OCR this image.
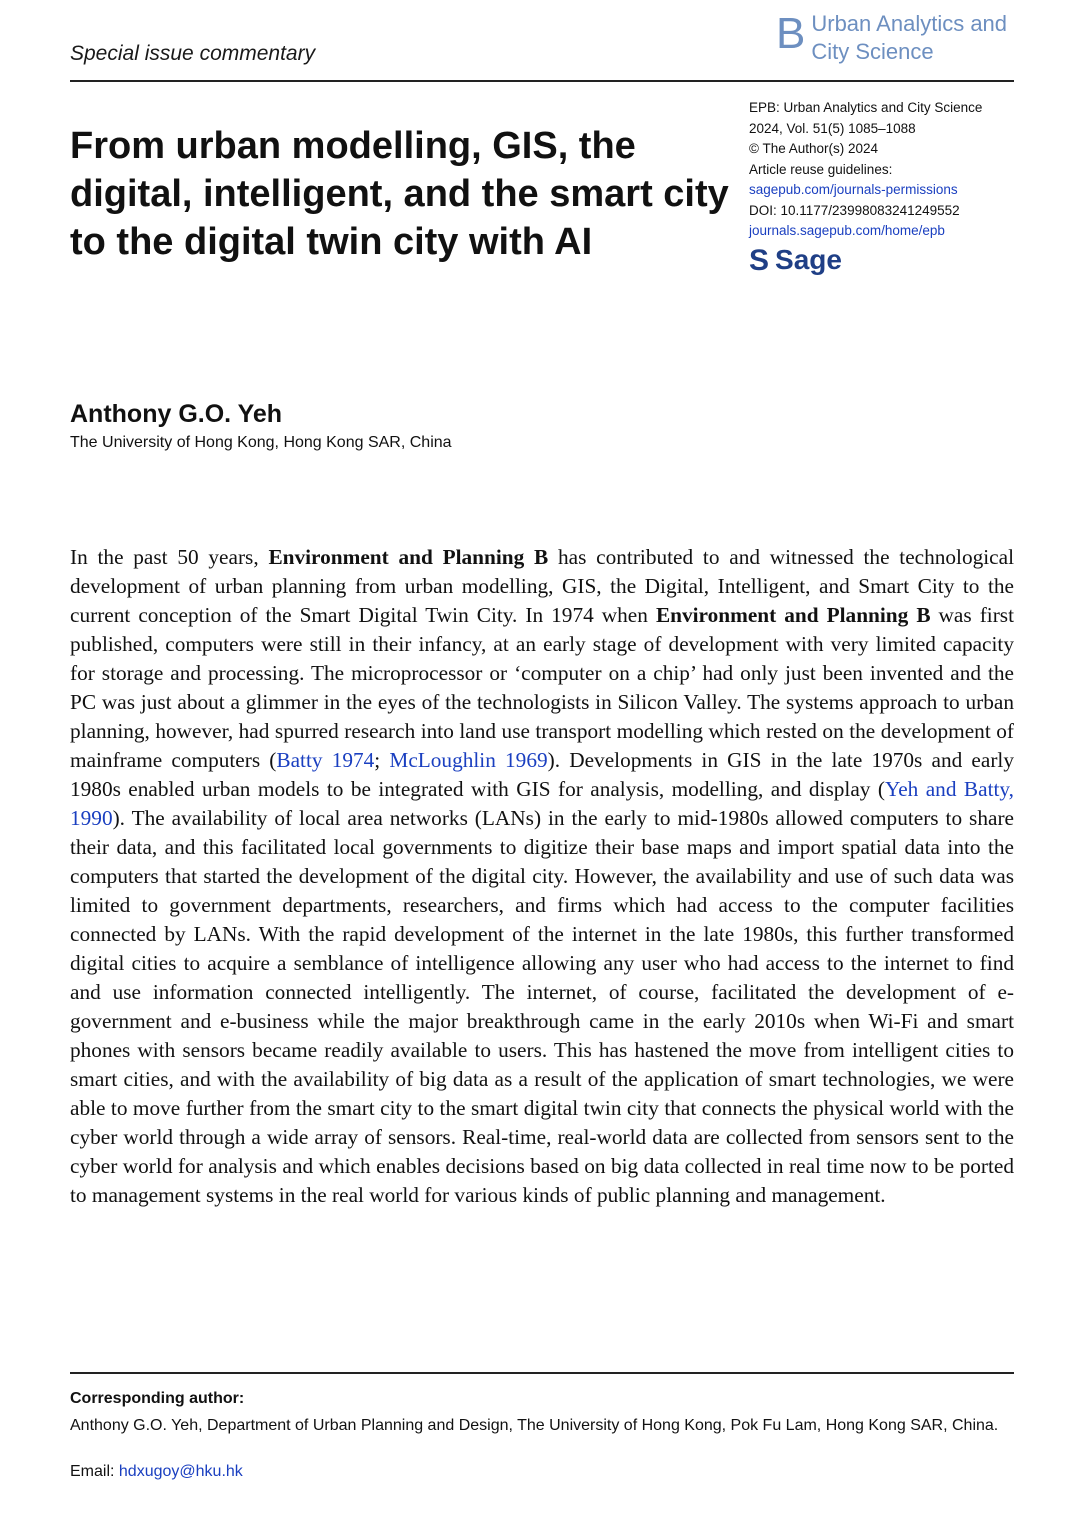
Special issue commentary	B Urban Analytics and
City Science
From urban modelling, GIS, the digital, intelligent, and the smart city to the digital twin city with AI
EPB: Urban Analytics and City Science
2024, Vol. 51(5) 1085–1088
© The Author(s) 2024
Article reuse guidelines:
sagepub.com/journals-permissions
DOI: 10.1177/23998083241249552
journals.sagepub.com/home/epb
S Sage
Anthony G.O. Yeh
The University of Hong Kong, Hong Kong SAR, China

In the past 50 years, Environment and Planning B has contributed to and witnessed the technological development of urban planning from urban modelling, GIS, the Digital, Intelligent, and Smart City to the current conception of the Smart Digital Twin City. In 1974 when Environment and Planning B was first published, computers were still in their infancy, at an early stage of development with very limited capacity for storage and processing. The microprocessor or ‘computer on a chip’ had only just been invented and the PC was just about a glimmer in the eyes of the technologists in Silicon Valley. The systems approach to urban planning, however, had spurred research into land use transport modelling which rested on the development of mainframe computers (Batty 1974; McLoughlin 1969). Developments in GIS in the late 1970s and early 1980s enabled urban models to be integrated with GIS for analysis, modelling, and display (Yeh and Batty, 1990). The availability of local area networks (LANs) in the early to mid-1980s allowed computers to share their data, and this facilitated local governments to digitize their base maps and import spatial data into the computers that started the development of the digital city. However, the availability and use of such data was limited to government departments, researchers, and firms which had access to the computer facilities connected by LANs. With the rapid development of the internet in the late 1980s, this further transformed digital cities to acquire a semblance of intelligence allowing any user who had access to the internet to find and use information connected intelligently. The internet, of course, facilitated the development of e-government and e-business while the major breakthrough came in the early 2010s when Wi-Fi and smart phones with sensors became readily available to users. This has hastened the move from intelligent cities to smart cities, and with the availability of big data as a result of the application of smart technologies, we were able to move further from the smart city to the smart digital twin city that connects the physical world with the cyber world through a wide array of sensors. Real-time, real-world data are collected from sensors sent to the cyber world for analysis and which enables decisions based on big data collected in real time now to be ported to management systems in the real world for various kinds of public planning and management.

Corresponding author:
Anthony G.O. Yeh, Department of Urban Planning and Design, The University of Hong Kong, Pok Fu Lam, Hong Kong SAR, China.
Email: hdxugoy@hku.hk
